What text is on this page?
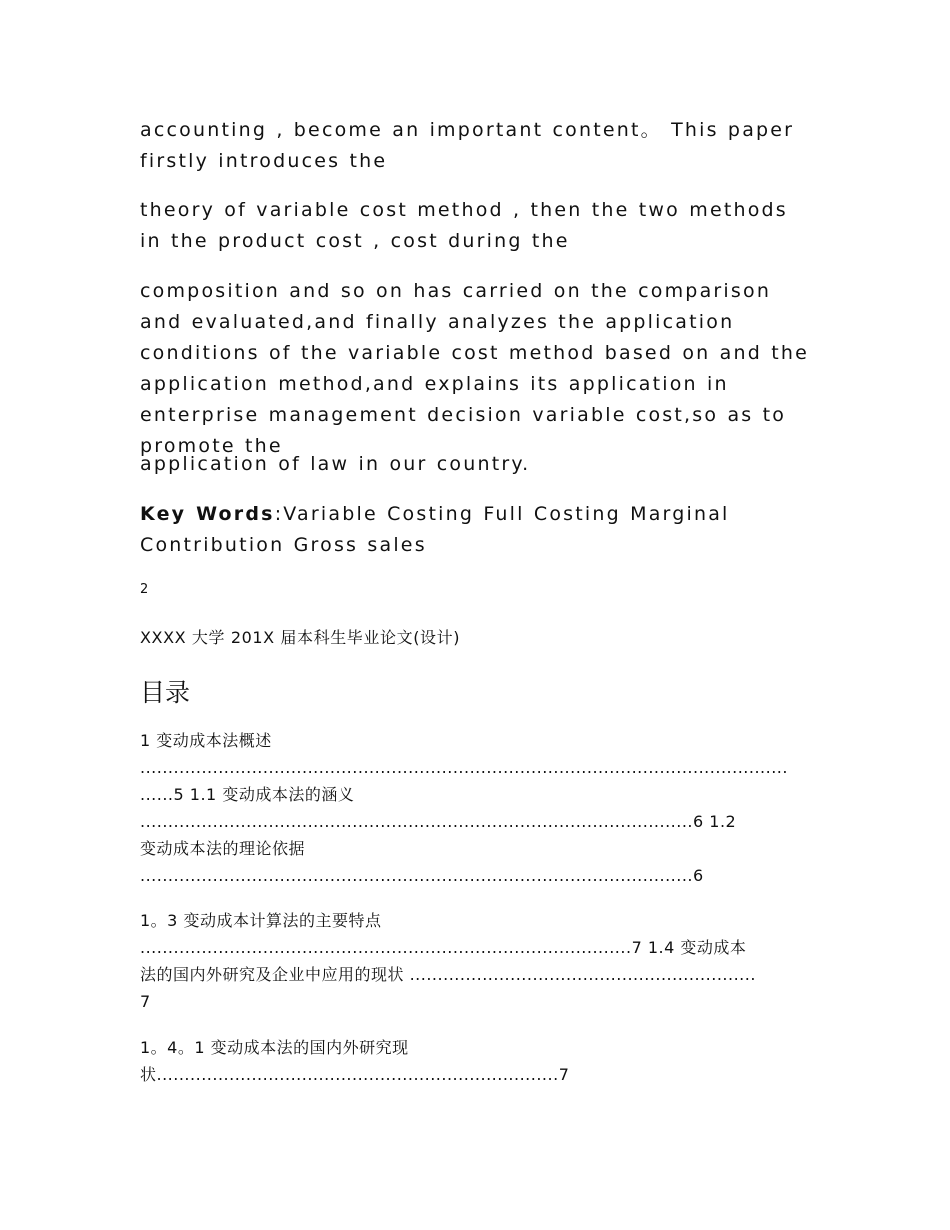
accounting , become an important content。 This paper firstly introduces the

theory of variable cost method , then the two methods in the product cost , cost during the

composition and so on has carried on the comparison and evaluated,and finally analyzes the application conditions of the variable cost method based on and the application method,and explains its application in enterprise management decision variable cost,so as to promote the

application of law in our country.

Key Words:Variable Costing Full Costing Marginal Contribution Gross sales

2
XXXX 大学 201X 届本科生毕业论文(设计)
目录
1 变动成本法概述
....................................................................................................................
......5 1.1 变动成本法的涵义
...................................................................................................6 1.2
变动成本法的理论依据
...................................................................................................6
1。3 变动成本计算法的主要特点
........................................................................................7 1.4 变动成本
法的国内外研究及企业中应用的现状 ..............................................................
7
1。4。1 变动成本法的国内外研究现
状........................................................................7
